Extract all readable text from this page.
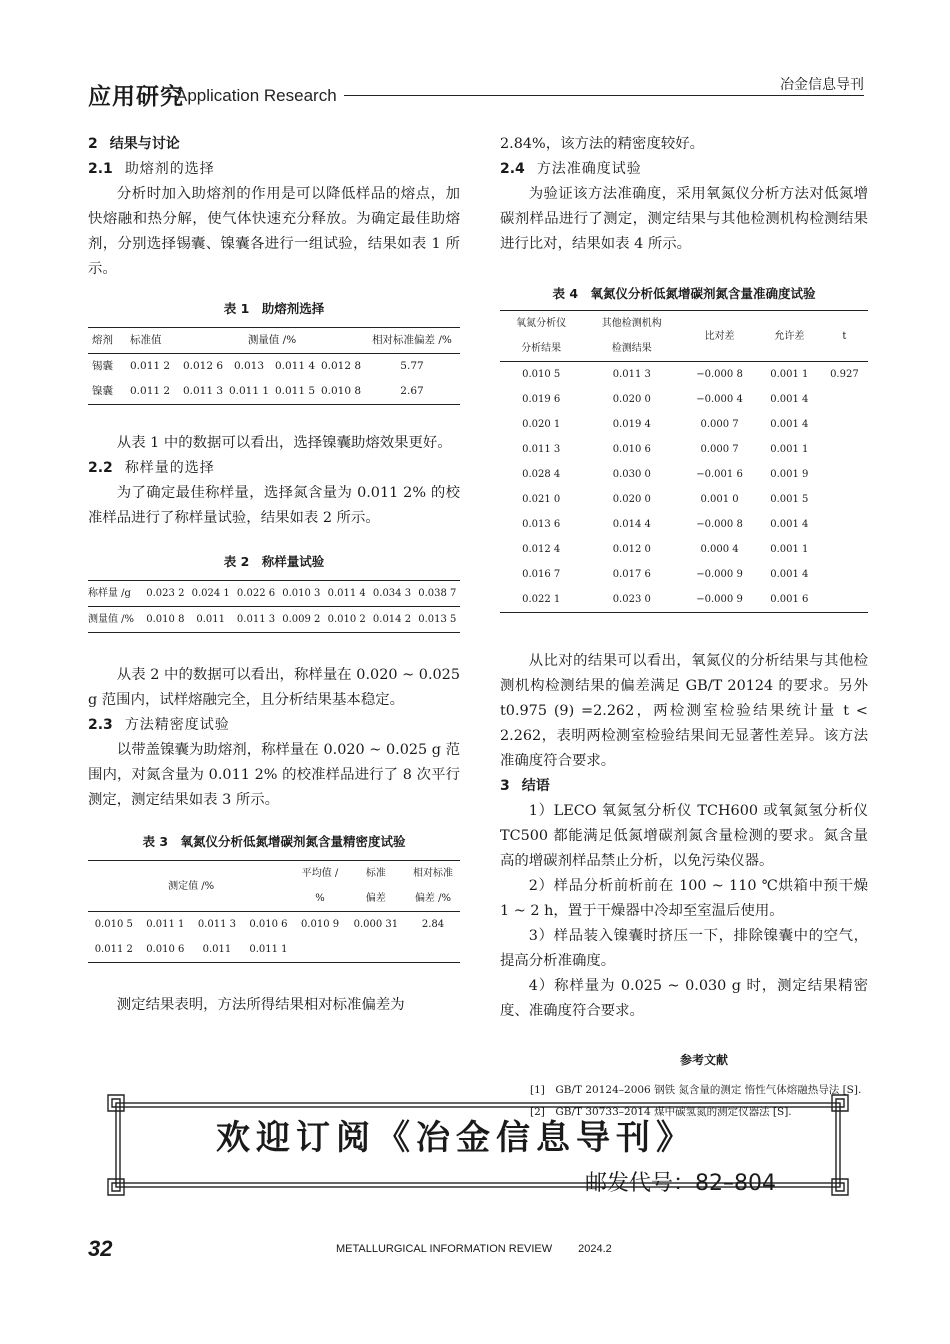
应用研究
Application Research
冶金信息导刊
2 结果与讨论
2.1 助熔剂的选择

分析时加入助熔剂的作用是可以降低样品的熔点，加快熔融和热分解，使气体快速充分释放。为确定最佳助熔剂，分别选择锡囊、镍囊各进行一组试验，结果如表 1 所示。

表 1　助熔剂选择
熔剂	标准值	测量值 /%				相对标准偏差 /%
锡囊	0.011 2	0.012 6	0.013	0.011 4	0.012 8		5.77
镍囊	0.011 2	0.011 3	0.011 1	0.011 5	0.010 8		2.67

从表 1 中的数据可以看出，选择镍囊助熔效果更好。

2.2 称样量的选择

为了确定最佳称样量，选择氮含量为 0.011 2% 的校准样品进行了称样量试验，结果如表 2 所示。

表 2　称样量试验
称样量 /g	0.023 2	0.024 1	0.022 6	0.010 3	0.011 4	0.034 3	0.038 7
测量值 /%	0.010 8	0.011	0.011 3	0.009 2	0.010 2	0.014 2	0.013 5

从表 2 中的数据可以看出，称样量在 0.020 ~ 0.025 g 范围内，试样熔融完全，且分析结果基本稳定。

2.3 方法精密度试验

以带盖镍囊为助熔剂，称样量在 0.020 ~ 0.025 g 范围内，对氮含量为 0.011 2% 的校准样品进行了 8 次平行测定，测定结果如表 3 所示。

表 3　氧氮仪分析低氮增碳剂氮含量精密度试验
测定值 /%				平均值 /	标准	相对标准
				%	偏差	偏差 /%
0.010 5	0.011 1	0.011 3	0.010 6	0.010 9	0.000 31	2.84
0.011 2	0.010 6	0.011	0.011 1			

测定结果表明，方法所得结果相对标准偏差为

2.84%，该方法的精密度较好。

2.4 方法准确度试验

为验证该方法准确度，采用氧氮仪分析方法对低氮增碳剂样品进行了测定，测定结果与其他检测机构检测结果进行比对，结果如表 4 所示。

表 4　氧氮仪分析低氮增碳剂氮含量准确度试验
氧氮分析仪	其他检测机构	比对差	允许差	t
分析结果	检测结果			
0.010 5	0.011 3	−0.000 8	0.001 1	0.927
0.019 6	0.020 0	−0.000 4	0.001 4	
0.020 1	0.019 4	0.000 7	0.001 4	
0.011 3	0.010 6	0.000 7	0.001 1	
0.028 4	0.030 0	−0.001 6	0.001 9	
0.021 0	0.020 0	0.001 0	0.001 5	
0.013 6	0.014 4	−0.000 8	0.001 4	
0.012 4	0.012 0	0.000 4	0.001 1	
0.016 7	0.017 6	−0.000 9	0.001 4	
0.022 1	0.023 0	−0.000 9	0.001 6	

从比对的结果可以看出，氧氮仪的分析结果与其他检测机构检测结果的偏差满足 GB/T 20124 的要求。另外 t0.975 (9) =2.262，两检测室检验结果统计量 t < 2.262，表明两检测室检验结果间无显著性差异。该方法准确度符合要求。

3 结语

1）LECO 氧氮氢分析仪 TCH600 或氧氮氢分析仪 TC500 都能满足低氮增碳剂氮含量检测的要求。氮含量高的增碳剂样品禁止分析，以免污染仪器。

2）样品分析前析前在 100 ~ 110 ℃烘箱中预干燥 1 ~ 2 h，置于干燥器中冷却至室温后使用。

3）样品装入镍囊时挤压一下，排除镍囊中的空气，提高分析准确度。

4）称样量为 0.025 ~ 0.030 g 时，测定结果精密度、准确度符合要求。

参考文献
[1]　GB/T 20124–2006 钢铁 氮含量的测定 惰性气体熔融热导法 [S].
[2]　GB/T 30733–2014 煤中碳氢氮的测定仪器法 [S].
欢迎订阅《冶金信息导刊》
邮发代号：82–804
32	METALLURGICAL INFORMATION REVIEW 2024.2
